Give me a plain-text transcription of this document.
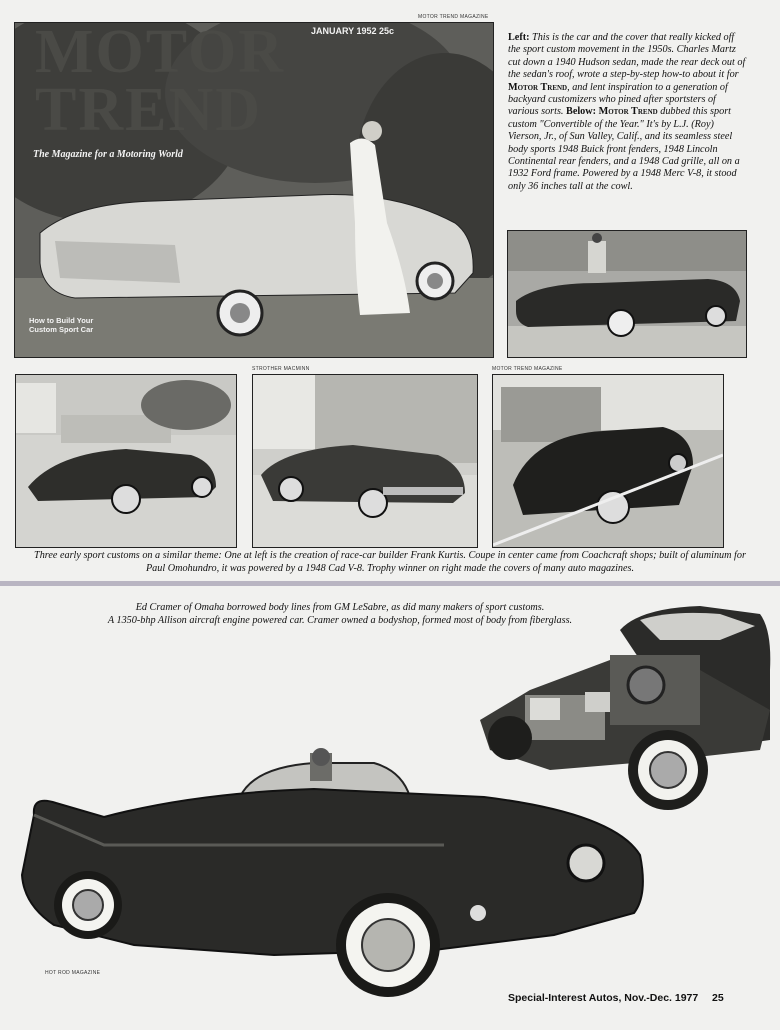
MOTOR TREND MAGAZINE
MOTOR TREND
JANUARY 1952 25c
The Magazine for a Motoring World
How to Build Your
Custom Sport Car
Left: This is the car and the cover that really kicked off the sport custom movement in the 1950s. Charles Martz cut down a 1940 Hudson sedan, made the rear deck out of the sedan's roof, wrote a step-by-step how-to about it for Motor Trend, and lent inspiration to a generation of backyard customizers who pined after sportsters of various sorts. Below: Motor Trend dubbed this sport custom "Convertible of the Year." It's by L.J. (Roy) Vierson, Jr., of Sun Valley, Calif., and its seamless steel body sports 1948 Buick front fenders, 1948 Lincoln Continental rear fenders, and a 1948 Cad grille, all on a 1932 Ford frame. Powered by a 1948 Merc V-8, it stood only 36 inches tall at the cowl.
STROTHER MACMINN	MOTOR TREND MAGAZINE
Three early sport customs on a similar theme: One at left is the creation of race-car builder Frank Kurtis. Coupe in center came from Coachcraft shops; built of aluminum for Paul Omohundro, it was powered by a 1948 Cad V-8. Trophy winner on right made the covers of many auto magazines.
Ed Cramer of Omaha borrowed body lines from GM LeSabre, as did many makers of sport customs.
A 1350-bhp Allison aircraft engine powered car. Cramer owned a bodyshop, formed most of body from fiberglass.
HOT ROD MAGAZINE
Special-Interest Autos, Nov.-Dec. 1977 25
